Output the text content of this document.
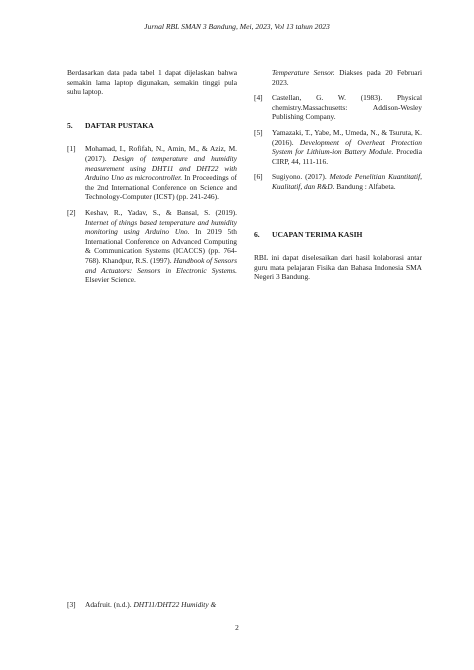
Jurnal RBL SMAN 3 Bandung, Mei, 2023, Vol 13 tahun 2023

Berdasarkan data pada tabel 1 dapat dijelaskan bahwa semakin lama laptop digunakan, semakin tinggi pula suhu laptop.

5.	DAFTAR PUSTAKA
[1]	Mohamad, I., Rofifah, N., Amin, M., & Aziz, M. (2017). Design of temperature and humidity measurement using DHT11 and DHT22 with Arduino Uno as microcontroller. In Proceedings of the 2nd International Conference on Science and Technology-Computer (ICST) (pp. 241-246).
[2]	Keshav, R., Yadav, S., & Bansal, S. (2019). Internet of things based temperature and humidity monitoring using Arduino Uno. In 2019 5th International Conference on Advanced Computing & Communication Systems (ICACCS) (pp. 764-768). Khandpur, R.S. (1997). Handbook of Sensors and Actuators: Sensors in Electronic Systems. Elsevier Science.
[3]	Adafruit. (n.d.). DHT11/DHT22 Humidity &
Temperature Sensor. Diakses pada 20 Februari 2023.
[4]	Castellan, G. W. (1983). Physical chemistry.Massachusetts: Addison-Wesley Publishing Company.
[5]	Yamazaki, T., Yabe, M., Umeda, N., & Tsuruta, K. (2016). Development of Overheat Protection System for Lithium-ion Battery Module. Procedia CIRP, 44, 111-116.
[6]	Sugiyono. (2017). Metode Penelitian Kuantitatif, Kualitatif, dan R&D. Bandung : Alfabeta.
6.	UCAPAN TERIMA KASIH

RBL ini dapat diselesaikan dari hasil kolaborasi antar guru mata pelajaran Fisika dan Bahasa Indonesia SMA Negeri 3 Bandung.

2
